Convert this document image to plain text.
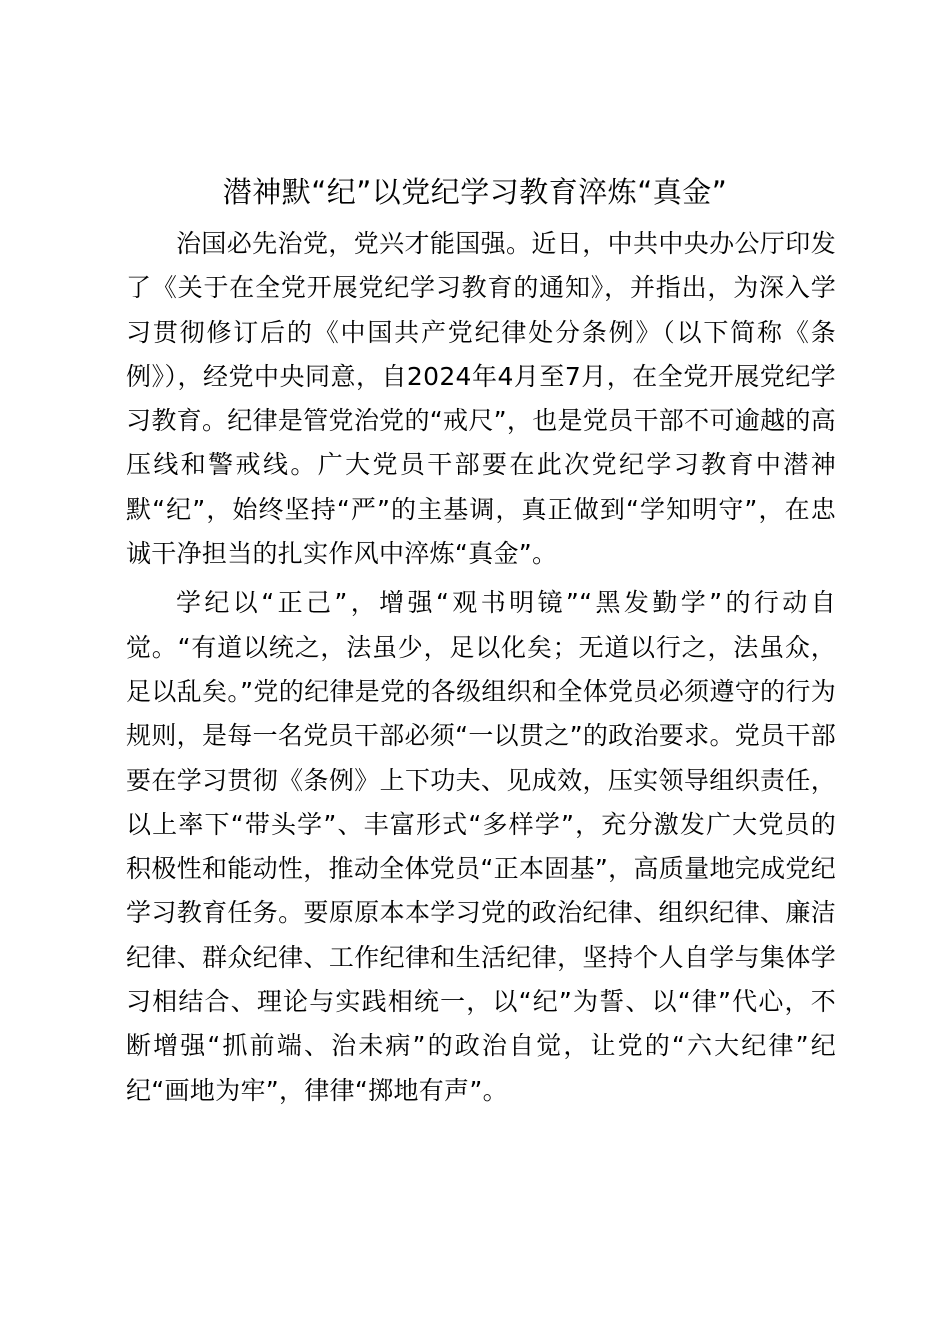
潜神默“纪”以党纪学习教育淬炼“真金”

治国必先治党，党兴才能国强。近日，中共中央办公厅印发了《关于在全党开展党纪学习教育的通知》，并指出，为深入学习贯彻修订后的《中国共产党纪律处分条例》（以下简称《条例》），经党中央同意，自2024年4月至7月，在全党开展党纪学习教育。纪律是管党治党的“戒尺”，也是党员干部不可逾越的高压线和警戒线。广大党员干部要在此次党纪学习教育中潜神默“纪”，始终坚持“严”的主基调，真正做到“学知明守”，在忠诚干净担当的扎实作风中淬炼“真金”。

学纪以“正己”，增强“观书明镜”“黑发勤学”的行动自觉。“有道以统之，法虽少，足以化矣；无道以行之，法虽众，足以乱矣。”党的纪律是党的各级组织和全体党员必须遵守的行为规则，是每一名党员干部必须“一以贯之”的政治要求。党员干部要在学习贯彻《条例》上下功夫、见成效，压实领导组织责任，以上率下“带头学”、丰富形式“多样学”，充分激发广大党员的积极性和能动性，推动全体党员“正本固基”，高质量地完成党纪学习教育任务。要原原本本学习党的政治纪律、组织纪律、廉洁纪律、群众纪律、工作纪律和生活纪律，坚持个人自学与集体学习相结合、理论与实践相统一，以“纪”为誓、以“律”代心，不断增强“抓前端、治未病”的政治自觉，让党的“六大纪律”纪纪“画地为牢”，律律“掷地有声”。
